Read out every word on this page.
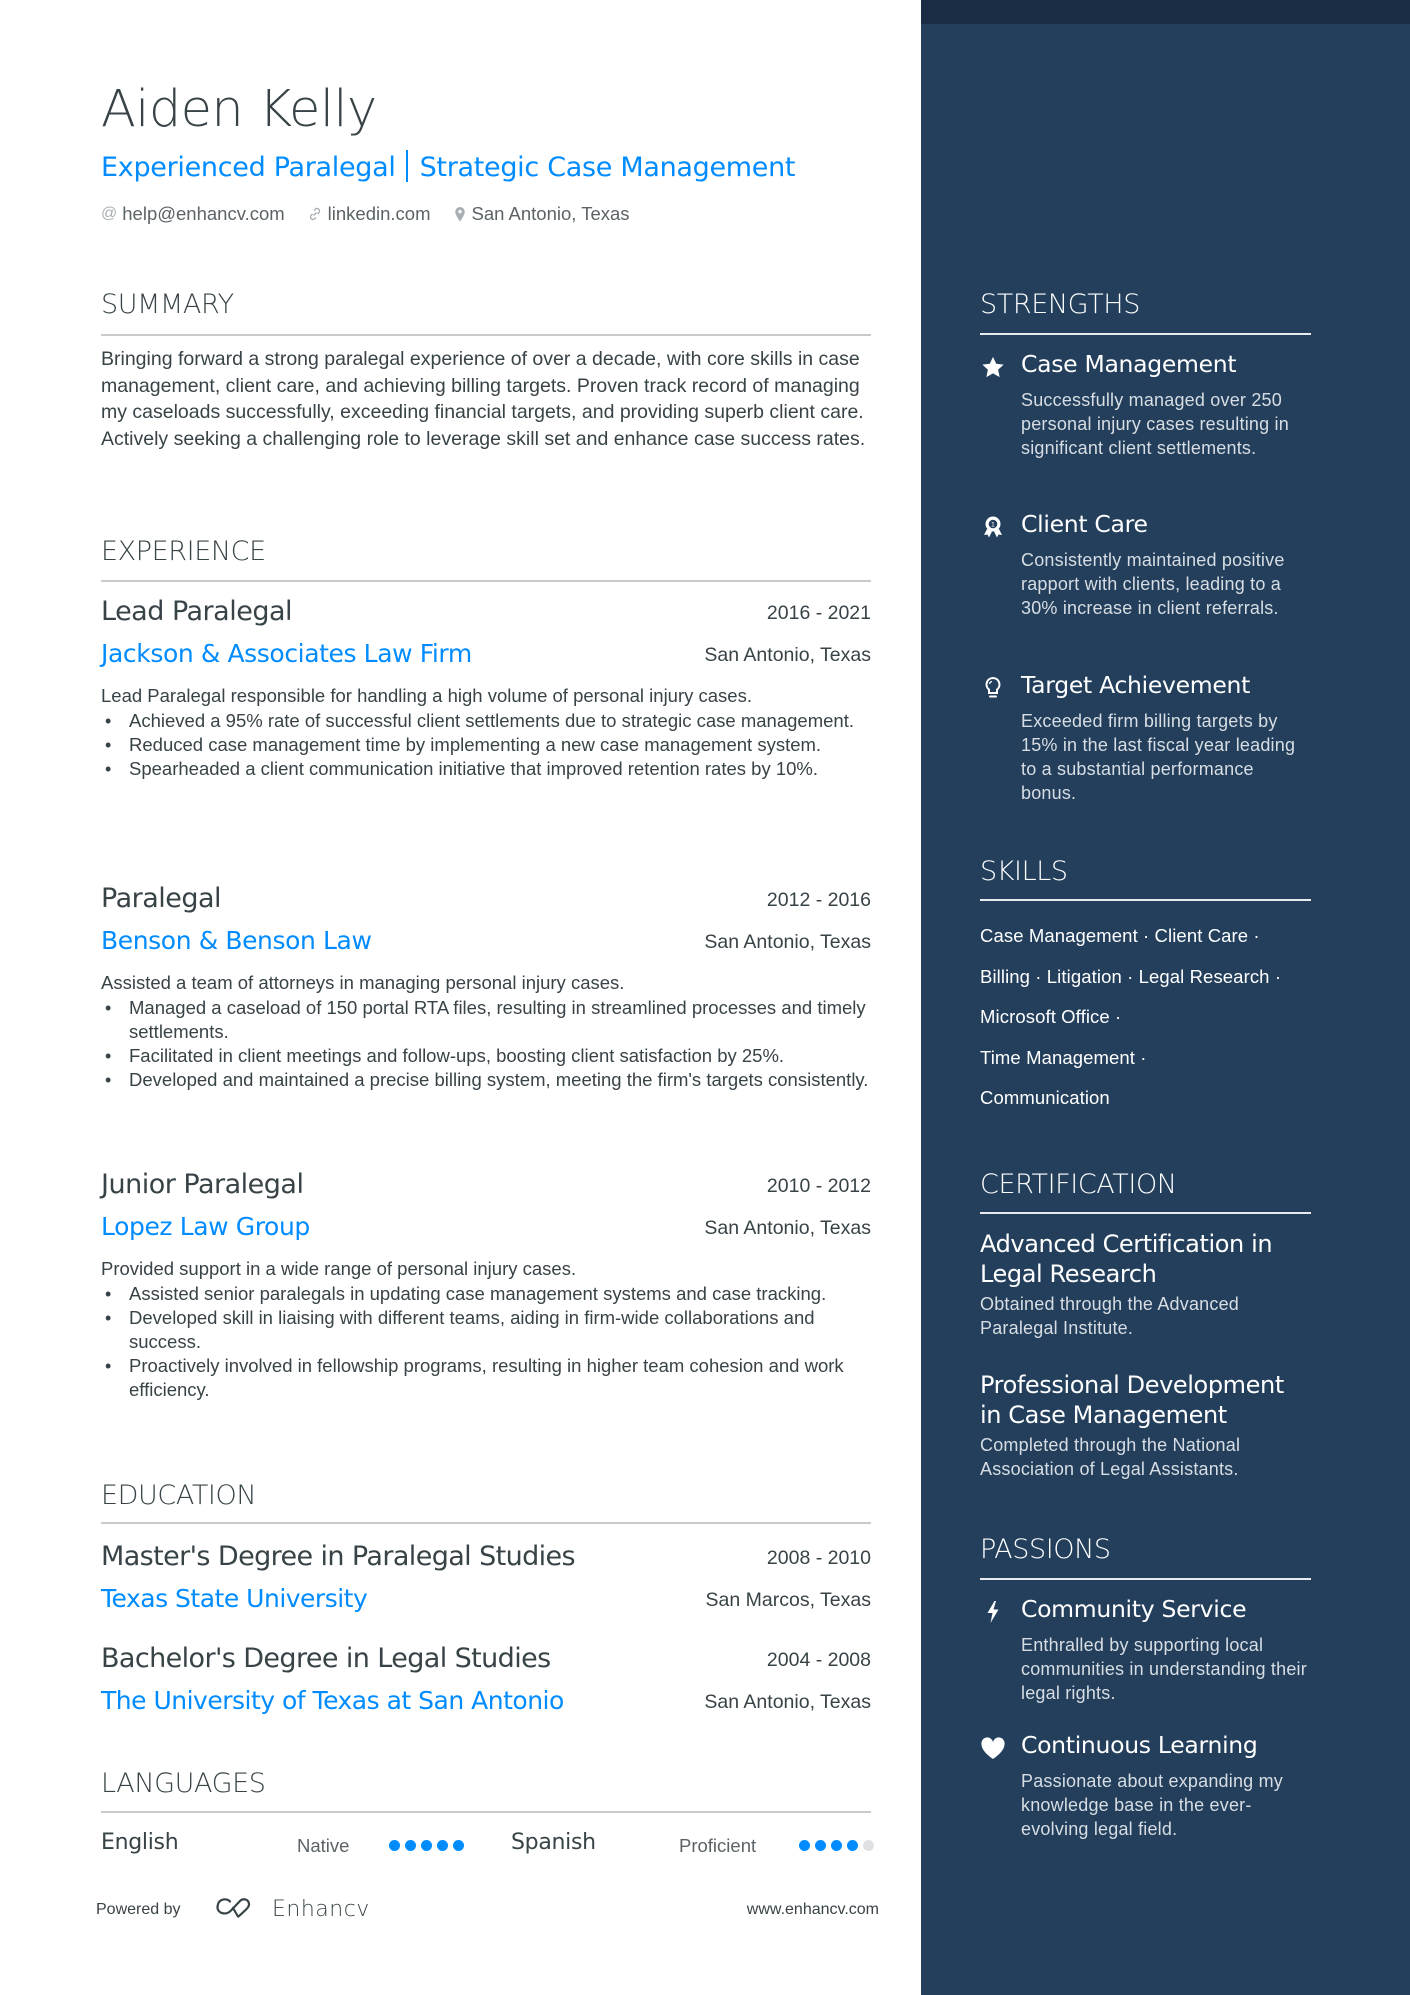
Aiden Kelly
Experienced Paralegal Strategic Case Management
@ help@enhancv.com linkedin.com San Antonio, Texas
SUMMARY
Bringing forward a strong paralegal experience of over a decade, with core skills in case management, client care, and achieving billing targets. Proven track record of managing my caseloads successfully, exceeding financial targets, and providing superb client care. Actively seeking a challenging role to leverage skill set and enhance case success rates.
EXPERIENCE
Lead Paralegal	2016 - 2021
Jackson & Associates Law Firm	San Antonio, Texas
Lead Paralegal responsible for handling a high volume of personal injury cases.
• Achieved a 95% rate of successful client settlements due to strategic case management.
• Reduced case management time by implementing a new case management system.
• Spearheaded a client communication initiative that improved retention rates by 10%.
Paralegal	2012 - 2016
Benson & Benson Law	San Antonio, Texas
Assisted a team of attorneys in managing personal injury cases.
• Managed a caseload of 150 portal RTA files, resulting in streamlined processes and timely settlements.
• Facilitated in client meetings and follow-ups, boosting client satisfaction by 25%.
• Developed and maintained a precise billing system, meeting the firm's targets consistently.
Junior Paralegal	2010 - 2012
Lopez Law Group	San Antonio, Texas
Provided support in a wide range of personal injury cases.
• Assisted senior paralegals in updating case management systems and case tracking.
• Developed skill in liaising with different teams, aiding in firm-wide collaborations and success.
• Proactively involved in fellowship programs, resulting in higher team cohesion and work efficiency.
EDUCATION
Master's Degree in Paralegal Studies	2008 - 2010
Texas State University	San Marcos, Texas
Bachelor's Degree in Legal Studies	2004 - 2008
The University of Texas at San Antonio	San Antonio, Texas
LANGUAGES
English	Native	Spanish	Proficient
Powered by	Enhancv	www.enhancv.com
STRENGTHS
Case Management
Successfully managed over 250 personal injury cases resulting in significant client settlements.
1 Client Care
Consistently maintained positive rapport with clients, leading to a 30% increase in client referrals.
Target Achievement
Exceeded firm billing targets by 15% in the last fiscal year leading to a substantial performance bonus.
SKILLS
Case Management · Client Care ·
Billing · Litigation · Legal Research ·
Microsoft Office ·
Time Management ·
Communication
CERTIFICATION
Advanced Certification in Legal Research
Obtained through the Advanced Paralegal Institute.
Professional Development in Case Management
Completed through the National Association of Legal Assistants.
PASSIONS
Community Service
Enthralled by supporting local communities in understanding their legal rights.
Continuous Learning
Passionate about expanding my knowledge base in the ever-evolving legal field.
